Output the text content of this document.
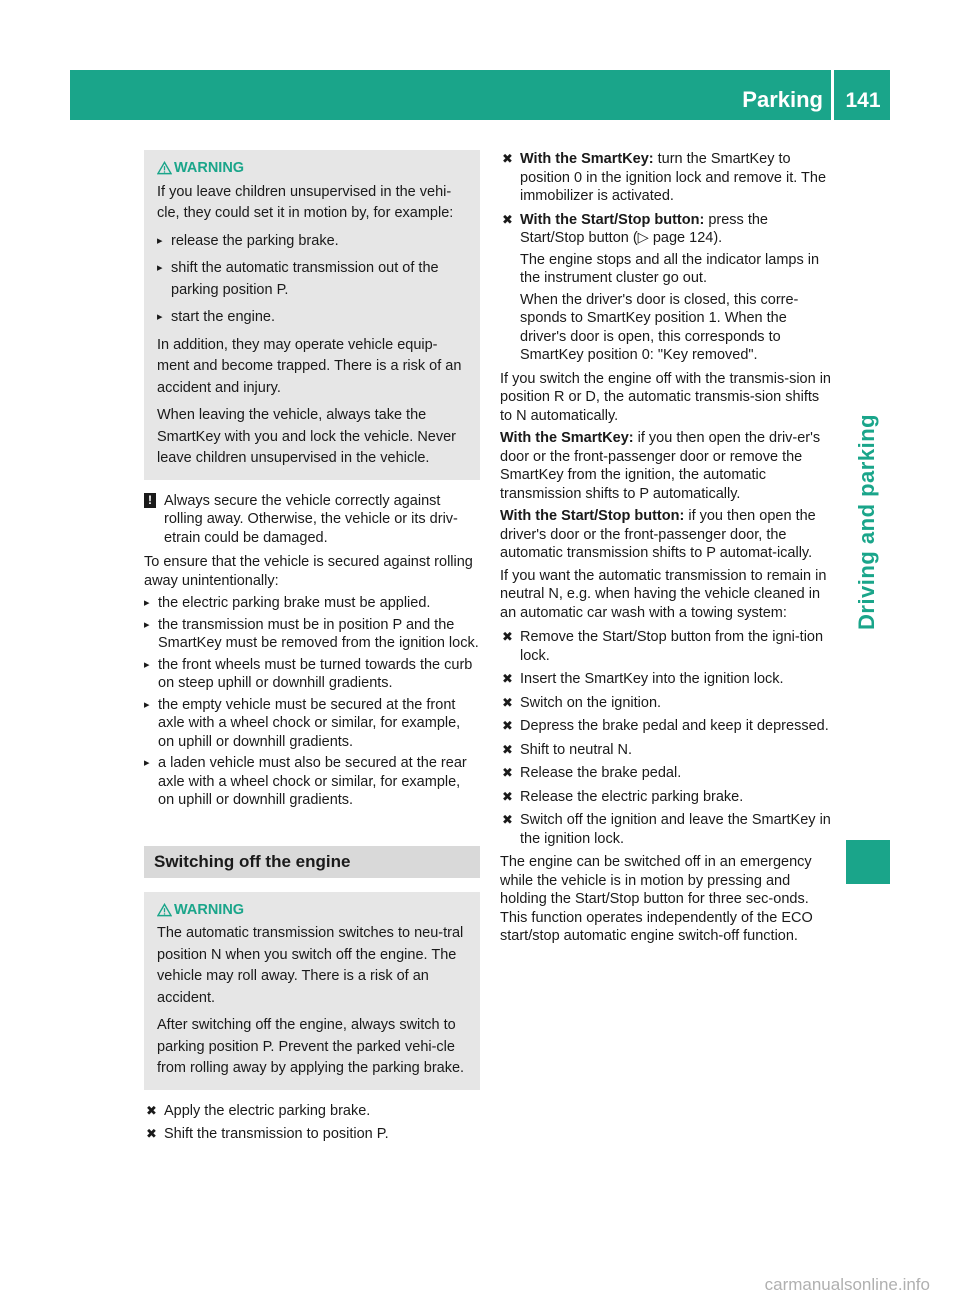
Parking 141
Driving and parking

WARNING

If you leave children unsupervised in the vehi-cle, they could set it in motion by, for example:

▸ release the parking brake.
▸ shift the automatic transmission out of the parking position P.
▸ start the engine.

In addition, they may operate vehicle equip-ment and become trapped. There is a risk of an accident and injury.

When leaving the vehicle, always take the SmartKey with you and lock the vehicle. Never leave children unsupervised in the vehicle.

! Always secure the vehicle correctly against rolling away. Otherwise, the vehicle or its driv-etrain could be damaged.

To ensure that the vehicle is secured against rolling away unintentionally:

▸ the electric parking brake must be applied.
▸ the transmission must be in position P and the SmartKey must be removed from the ignition lock.
▸ the front wheels must be turned towards the curb on steep uphill or downhill gradients.
▸ the empty vehicle must be secured at the front axle with a wheel chock or similar, for example, on uphill or downhill gradients.
▸ a laden vehicle must also be secured at the rear axle with a wheel chock or similar, for example, on uphill or downhill gradients.
Switching off the engine

WARNING

The automatic transmission switches to neu-tral position N when you switch off the engine. The vehicle may roll away. There is a risk of an accident.

After switching off the engine, always switch to parking position P. Prevent the parked vehi-cle from rolling away by applying the parking brake.

✖ Apply the electric parking brake.
✖ Shift the transmission to position P.
✖ With the SmartKey: turn the SmartKey to position 0 in the ignition lock and remove it. The immobilizer is activated.

✖ With the Start/Stop button: press the Start/Stop button (▷ page 124).

The engine stops and all the indicator lamps in the instrument cluster go out.

When the driver's door is closed, this corre-sponds to SmartKey position 1. When the driver's door is open, this corresponds to SmartKey position 0: "Key removed".

If you switch the engine off with the transmis-sion in position R or D, the automatic transmis-sion shifts to N automatically.

With the SmartKey: if you then open the driv-er's door or the front-passenger door or remove the SmartKey from the ignition, the automatic transmission shifts to P automatically.

With the Start/Stop button: if you then open the driver's door or the front-passenger door, the automatic transmission shifts to P automat-ically.

If you want the automatic transmission to remain in neutral N, e.g. when having the vehicle cleaned in an automatic car wash with a towing system:

✖ Remove the Start/Stop button from the igni-tion lock.
✖ Insert the SmartKey into the ignition lock.
✖ Switch on the ignition.
✖ Depress the brake pedal and keep it depressed.
✖ Shift to neutral N.
✖ Release the brake pedal.
✖ Release the electric parking brake.
✖ Switch off the ignition and leave the SmartKey in the ignition lock.

The engine can be switched off in an emergency while the vehicle is in motion by pressing and holding the Start/Stop button for three sec-onds. This function operates independently of the ECO start/stop automatic engine switch-off function.

carmanualsonline.info
